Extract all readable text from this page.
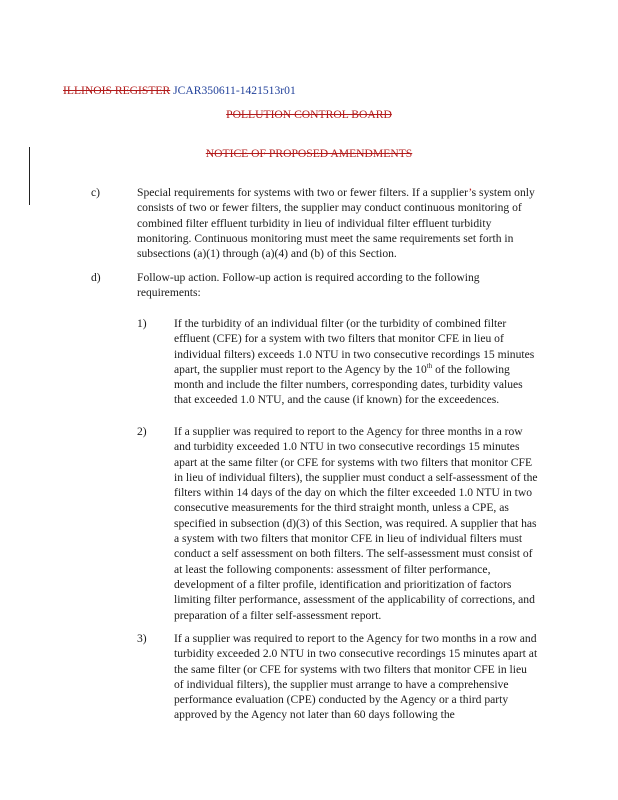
ILLINOIS REGISTER JCAR350611-1421513r01
POLLUTION CONTROL BOARD
NOTICE OF PROPOSED AMENDMENTS
c)	Special requirements for systems with two or fewer filters. If a supplier’s system only consists of two or fewer filters, the supplier may conduct continuous monitoring of combined filter effluent turbidity in lieu of individual filter effluent turbidity monitoring. Continuous monitoring must meet the same requirements set forth in subsections (a)(1) through (a)(4) and (b) of this Section.
d)	Follow-up action. Follow-up action is required according to the following requirements:
1) If the turbidity of an individual filter (or the turbidity of combined filter effluent (CFE) for a system with two filters that monitor CFE in lieu of individual filters) exceeds 1.0 NTU in two consecutive recordings 15 minutes apart, the supplier must report to the Agency by the 10th of the following month and include the filter numbers, corresponding dates, turbidity values that exceeded 1.0 NTU, and the cause (if known) for the exceedences.
2) If a supplier was required to report to the Agency for three months in a row and turbidity exceeded 1.0 NTU in two consecutive recordings 15 minutes apart at the same filter (or CFE for systems with two filters that monitor CFE in lieu of individual filters), the supplier must conduct a self-assessment of the filters within 14 days of the day on which the filter exceeded 1.0 NTU in two consecutive measurements for the third straight month, unless a CPE, as specified in subsection (d)(3) of this Section, was required. A supplier that has a system with two filters that monitor CFE in lieu of individual filters must conduct a self assessment on both filters. The self-assessment must consist of at least the following components: assessment of filter performance, development of a filter profile, identification and prioritization of factors limiting filter performance, assessment of the applicability of corrections, and preparation of a filter self-assessment report.
3) If a supplier was required to report to the Agency for two months in a row and turbidity exceeded 2.0 NTU in two consecutive recordings 15 minutes apart at the same filter (or CFE for systems with two filters that monitor CFE in lieu of individual filters), the supplier must arrange to have a comprehensive performance evaluation (CPE) conducted by the Agency or a third party approved by the Agency not later than 60 days following the
